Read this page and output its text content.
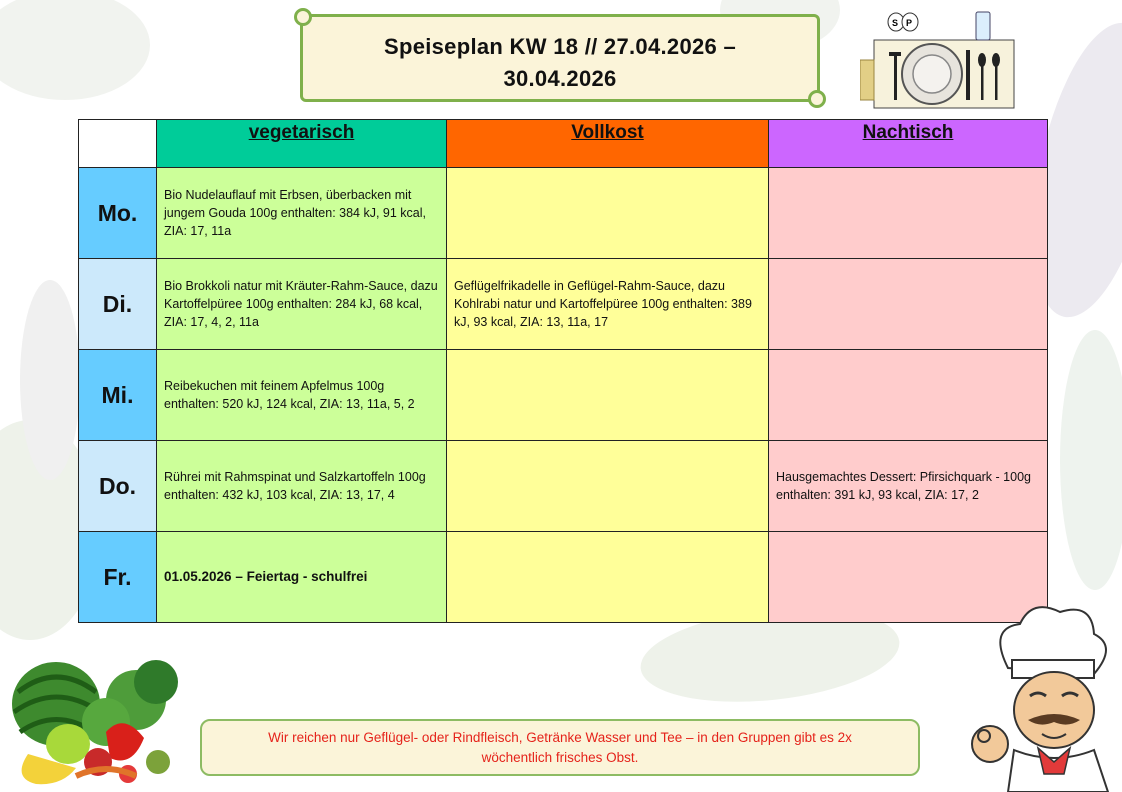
Speiseplan KW 18 // 27.04.2026 –
30.04.2026
S P
	vegetarisch	Vollkost	Nachtisch
Mo.	Bio Nudelauflauf mit Erbsen, überbacken mit jungem Gouda 100g enthalten: 384 kJ, 91 kcal, ZIA: 17, 11a		

Di.	Bio Brokkoli natur mit Kräuter-Rahm-Sauce, dazu Kartoffelpüree 100g enthalten: 284 kJ, 68 kcal, ZIA: 17, 4, 2, 11a	Geflügelfrikadelle in Geflügel-Rahm-Sauce, dazu Kohlrabi natur und Kartoffelpüree 100g enthalten: 389 kJ, 93 kcal, ZIA: 13, 11a, 17	

Mi.	Reibekuchen mit feinem Apfelmus 100g enthalten: 520 kJ, 124 kcal, ZIA: 13, 11a, 5, 2		

Do.	Rührei mit Rahmspinat und Salzkartoffeln 100g enthalten: 432 kJ, 103 kcal, ZIA: 13, 17, 4		Hausgemachtes Dessert: Pfirsichquark - 100g enthalten: 391 kJ, 93 kcal, ZIA: 17, 2

Fr.	01.05.2026 – Feiertag - schulfrei		

Wir reichen nur Geflügel- oder Rindfleisch, Getränke Wasser und Tee – in den Gruppen gibt es 2x
wöchentlich frisches Obst.
